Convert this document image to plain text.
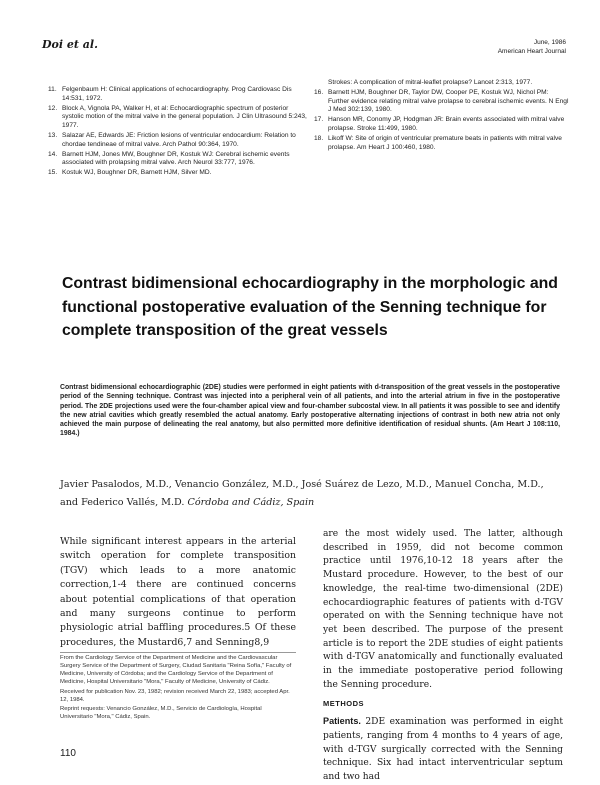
Doi et al.	June, 1986
American Heart Journal
11. Felgenbaum H: Clinical applications of echocardiography. Prog Cardiovasc Dis 14:531, 1972.
12. Block A, Vignola PA, Walker H, et al: Echocardiographic spectrum of posterior systolic motion of the mitral valve in the general population. J Clin Ultrasound 5:243, 1977.
13. Salazar AE, Edwards JE: Friction lesions of ventricular endocardium: Relation to chordae tendineae of mitral valve. Arch Pathol 90:364, 1970.
14. Barnett HJM, Jones MW, Boughner DR, Kostuk WJ: Cerebral ischemic events associated with prolapsing mitral valve. Arch Neurol 33:777, 1976.
15. Kostuk WJ, Boughner DR, Barnett HJM, Silver MD.
Strokes: A complication of mitral-leaflet prolapse? Lancet 2:313, 1977.
16. Barnett HJM, Boughner DR, Taylor DW, Cooper PE, Kostuk WJ, Nichol PM: Further evidence relating mitral valve prolapse to cerebral ischemic events. N Engl J Med 302:139, 1980.
17. Hanson MR, Conomy JP, Hodgman JR: Brain events associated with mitral valve prolapse. Stroke 11:499, 1980.
18. Likoff W: Site of origin of ventricular premature beats in patients with mitral valve prolapse. Am Heart J 100:460, 1980.
Contrast bidimensional echocardiography in the morphologic and functional postoperative evaluation of the Senning technique for complete transposition of the great vessels
Contrast bidimensional echocardiographic (2DE) studies were performed in eight patients with d-transposition of the great vessels in the postoperative period of the Senning technique. Contrast was injected into a peripheral vein of all patients, and into the arterial atrium in five in the postoperative period. The 2DE projections used were the four-chamber apical view and four-chamber subcostal view. In all patients it was possible to see and identify the new atrial cavities which greatly resembled the actual anatomy. Early postoperative alternating injections of contrast in both new atria not only achieved the main purpose of delineating the real anatomy, but also permitted more definitive identification of residual shunts. (Am Heart J 108:110, 1984.)
Javier Pasalodos, M.D., Venancio González, M.D., José Suárez de Lezo, M.D., Manuel Concha, M.D., and Federico Vallés, M.D. Córdoba and Cádiz, Spain
While significant interest appears in the arterial switch operation for complete transposition (TGV) which leads to a more anatomic correction,1-4 there are continued concerns about potential complications of that operation and many surgeons continue to perform physiologic atrial baffling procedures.5 Of these procedures, the Mustard6,7 and Senning8,9

From the Cardiology Service of the Department of Medicine and the Cardiovascular Surgery Service of the Department of Surgery, Ciudad Sanitaria "Reina Sofía," Faculty of Medicine, University of Córdoba; and the Cardiology Service of the Department of Medicine, Hospital Universitario "Mora," Faculty of Medicine, University of Cádiz.

Received for publication Nov. 23, 1982; revision received March 22, 1983; accepted Apr. 12, 1984.

Reprint requests: Venancio González, M.D., Servicio de Cardiología, Hospital Universitario "Mora," Cádiz, Spain.

are the most widely used. The latter, although described in 1959, did not become common practice until 1976,10-12 18 years after the Mustard procedure. However, to the best of our knowledge, the real-time two-dimensional (2DE) echocardiographic features of patients with d-TGV operated on with the Senning technique have not yet been described. The purpose of the present article is to report the 2DE studies of eight patients with d-TGV anatomically and functionally evaluated in the immediate postoperative period following the Senning procedure.
METHODS
Patients. 2DE examination was performed in eight patients, ranging from 4 months to 4 years of age, with d-TGV surgically corrected with the Senning technique. Six had intact interventricular septum and two had
110
